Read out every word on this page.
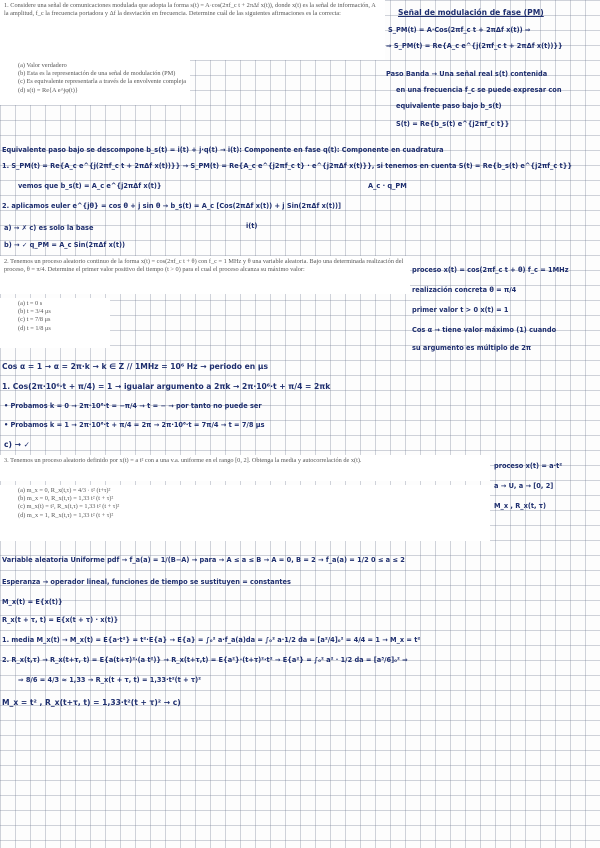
1. Considere una señal de comunicaciones modulada que adopta la forma s(t) = A·cos(2πf_c t + 2πΔf x(t)), donde x(t) es la señal de información, A la amplitud, f_c la frecuencia portadora y Δf la desviación en frecuencia. Determine cuál de las siguientes afirmaciones es la correcta:

(a) Valor verdadero

(b) Esta es la representación de una señal de modulación (PM)

(c) Es equivalente representarla a través de la envolvente compleja

(d) s(t) = Re{A e^jφ(t)}

Señal de modulación de fase (PM)
S_PM(t) = A·Cos(2πf_c t + 2πΔf x(t)) ⇒
⇒ S_PM(t) = Re{A_c e^{j(2πf_c t + 2πΔf x(t))}}
Paso Banda → Una señal real s(t) contenida
en una frecuencia f_c se puede expresar con
equivalente paso bajo b_s(t)
S(t) = Re{b_s(t) e^{j2πf_c t}}
Equivalente paso bajo se descompone b_s(t) = i(t) + j·q(t) → i(t): Componente en fase q(t): Componente en cuadratura
1. S_PM(t) = Re{A_c e^{j(2πf_c t + 2πΔf x(t))}} → S_PM(t) = Re{A_c e^{j2πf_c t} · e^{j2πΔf x(t)}}, si tenemos en cuenta S(t) = Re{b_s(t) e^{j2πf_c t}}
vemos que b_s(t) = A_c e^{j2πΔf x(t)}	A_c · q_PM
2. aplicamos euler e^{jθ} = cos θ + j sin θ → b_s(t) = A_c [Cos(2πΔf x(t)) + j Sin(2πΔf x(t))]
i(t)
a) → ✗ c) es solo la base
b) → ✓ q_PM = A_c Sin(2πΔf x(t))

2. Tenemos un proceso aleatorio continuo de la forma x(t) = cos(2πf_c t + θ) con f_c = 1 MHz y θ una variable aleatoria. Bajo una determinada realización del proceso, θ = π/4. Determine el primer valor positivo del tiempo (t > 0) para el cual el proceso alcanza su máximo valor:

(a) t = 0 s

(b) t = 3/4 μs

(c) t = 7/8 μs

(d) t = 1/8 μs

proceso x(t) = cos(2πf_c t + θ) f_c = 1MHz
realización concreta θ = π/4
primer valor t > 0 x(t) = 1
Cos α → tiene valor máximo (1) cuando
su argumento es múltiplo de 2π
Cos α = 1 → α = 2π·k → k ∈ Z // 1MHz = 10⁶ Hz → periodo en μs
1. Cos(2π·10⁶·t + π/4) = 1 → igualar argumento a 2πk → 2π·10⁶·t + π/4 = 2πk
• Probamos k = 0 → 2π·10⁶·t = −π/4 → t = − → por tanto no puede ser
• Probamos k = 1 → 2π·10⁶·t + π/4 = 2π → 2π·10⁶·t = 7π/4 → t = 7/8 μs
c) → ✓

3. Tenemos un proceso aleatorio definido por x(t) = a t² con a una v.a. uniforme en el rango [0, 2]. Obtenga la media y autocorrelación de x(t).

(a) m_x = 0, R_x(t,τ) = 4/3 · t² (t+τ)²

(b) m_x = 0, R_x(t,τ) = 1,33 t² (t + τ)²

(c) m_x(t) = t², R_x(t,τ) = 1,33 t² (t + τ)²

(d) m_x = 1, R_x(t,τ) = 1,33 t² (t + τ)²

proceso x(t) = a·t²
a → U, a → [0, 2]
M_x , R_x(t, τ)
Variable aleatoria Uniforme pdf → f_a(a) = 1/(B−A) → para → A ≤ a ≤ B → A = 0, B = 2 → f_a(a) = 1/2 0 ≤ a ≤ 2
Esperanza → operador lineal, funciones de tiempo se sustituyen = constantes
M_x(t) = E{x(t)}
R_x(t + τ, t) = E{x(t + τ) · x(t)}
1. media M_x(t) → M_x(t) = E{a·t²} = t²·E{a} → E{a} = ∫₀² a·f_a(a)da = ∫₀² a·1/2 da = [a²/4]₀² = 4/4 = 1 → M_x = t²
2. R_x(t,τ) → R_x(t+τ, t) = E{a(t+τ)²·(a t²)} → R_x(t+τ,t) = E{a²}·(t+τ)²·t² → E{a²} = ∫₀² a² · 1/2 da = [a³/6]₀² ⇒
⇒ 8/6 = 4/3 ≈ 1,33 → R_x(t + τ, t) = 1,33·t²(t + τ)²
M_x = t² , R_x(t+τ, t) = 1,33·t²(t + τ)² → c)
